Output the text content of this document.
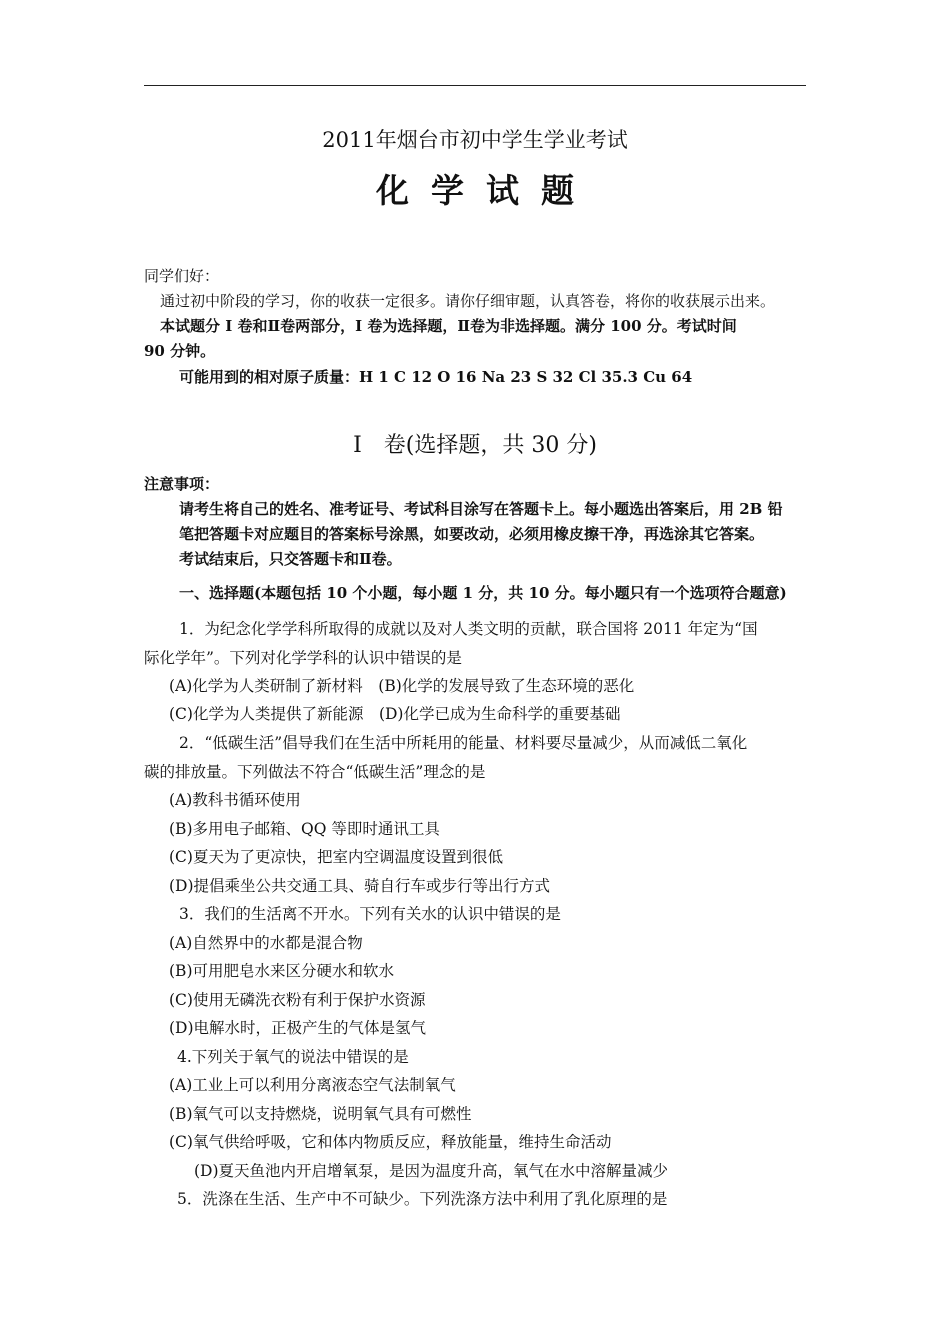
2011年烟台市初中学生学业考试
化学试题
同学们好：
通过初中阶段的学习，你的收获一定很多。请你仔细审题，认真答卷，将你的收获展示出来。
本试题分 I 卷和Ⅱ卷两部分，I 卷为选择题，Ⅱ卷为非选择题。满分 100 分。考试时间
90 分钟。
可能用到的相对原子质量：H 1 C 12 O 16 Na 23 S 32 Cl 35.3 Cu 64
I　卷(选择题，共 30 分)
注意事项：
请考生将自己的姓名、准考证号、考试科目涂写在答题卡上。每小题选出答案后，用 2B 铅
笔把答题卡对应题目的答案标号涂黑，如要改动，必须用橡皮擦干净，再选涂其它答案。
考试结束后，只交答题卡和Ⅱ卷。
一、选择题(本题包括 10 个小题，每小题 1 分，共 10 分。每小题只有一个选项符合题意)
1．为纪念化学学科所取得的成就以及对人类文明的贡献，联合国将 2011 年定为“国
际化学年”。下列对化学学科的认识中错误的是
(A)化学为人类研制了新材料　(B)化学的发展导致了生态环境的恶化
(C)化学为人类提供了新能源　(D)化学已成为生命科学的重要基础
2．“低碳生活”倡导我们在生活中所耗用的能量、材料要尽量减少，从而减低二氧化
碳的排放量。下列做法不符合“低碳生活”理念的是
(A)教科书循环使用
(B)多用电子邮箱、QQ 等即时通讯工具
(C)夏天为了更凉快，把室内空调温度设置到很低
(D)提倡乘坐公共交通工具、骑自行车或步行等出行方式
3．我们的生活离不开水。下列有关水的认识中错误的是
(A)自然界中的水都是混合物
(B)可用肥皂水来区分硬水和软水
(C)使用无磷洗衣粉有利于保护水资源
(D)电解水时，正极产生的气体是氢气
4.下列关于氧气的说法中错误的是
(A)工业上可以利用分离液态空气法制氧气
(B)氧气可以支持燃烧，说明氧气具有可燃性
(C)氧气供给呼吸，它和体内物质反应，释放能量，维持生命活动
(D)夏天鱼池内开启增氧泵，是因为温度升高，氧气在水中溶解量减少
5．洗涤在生活、生产中不可缺少。下列洗涤方法中利用了乳化原理的是
